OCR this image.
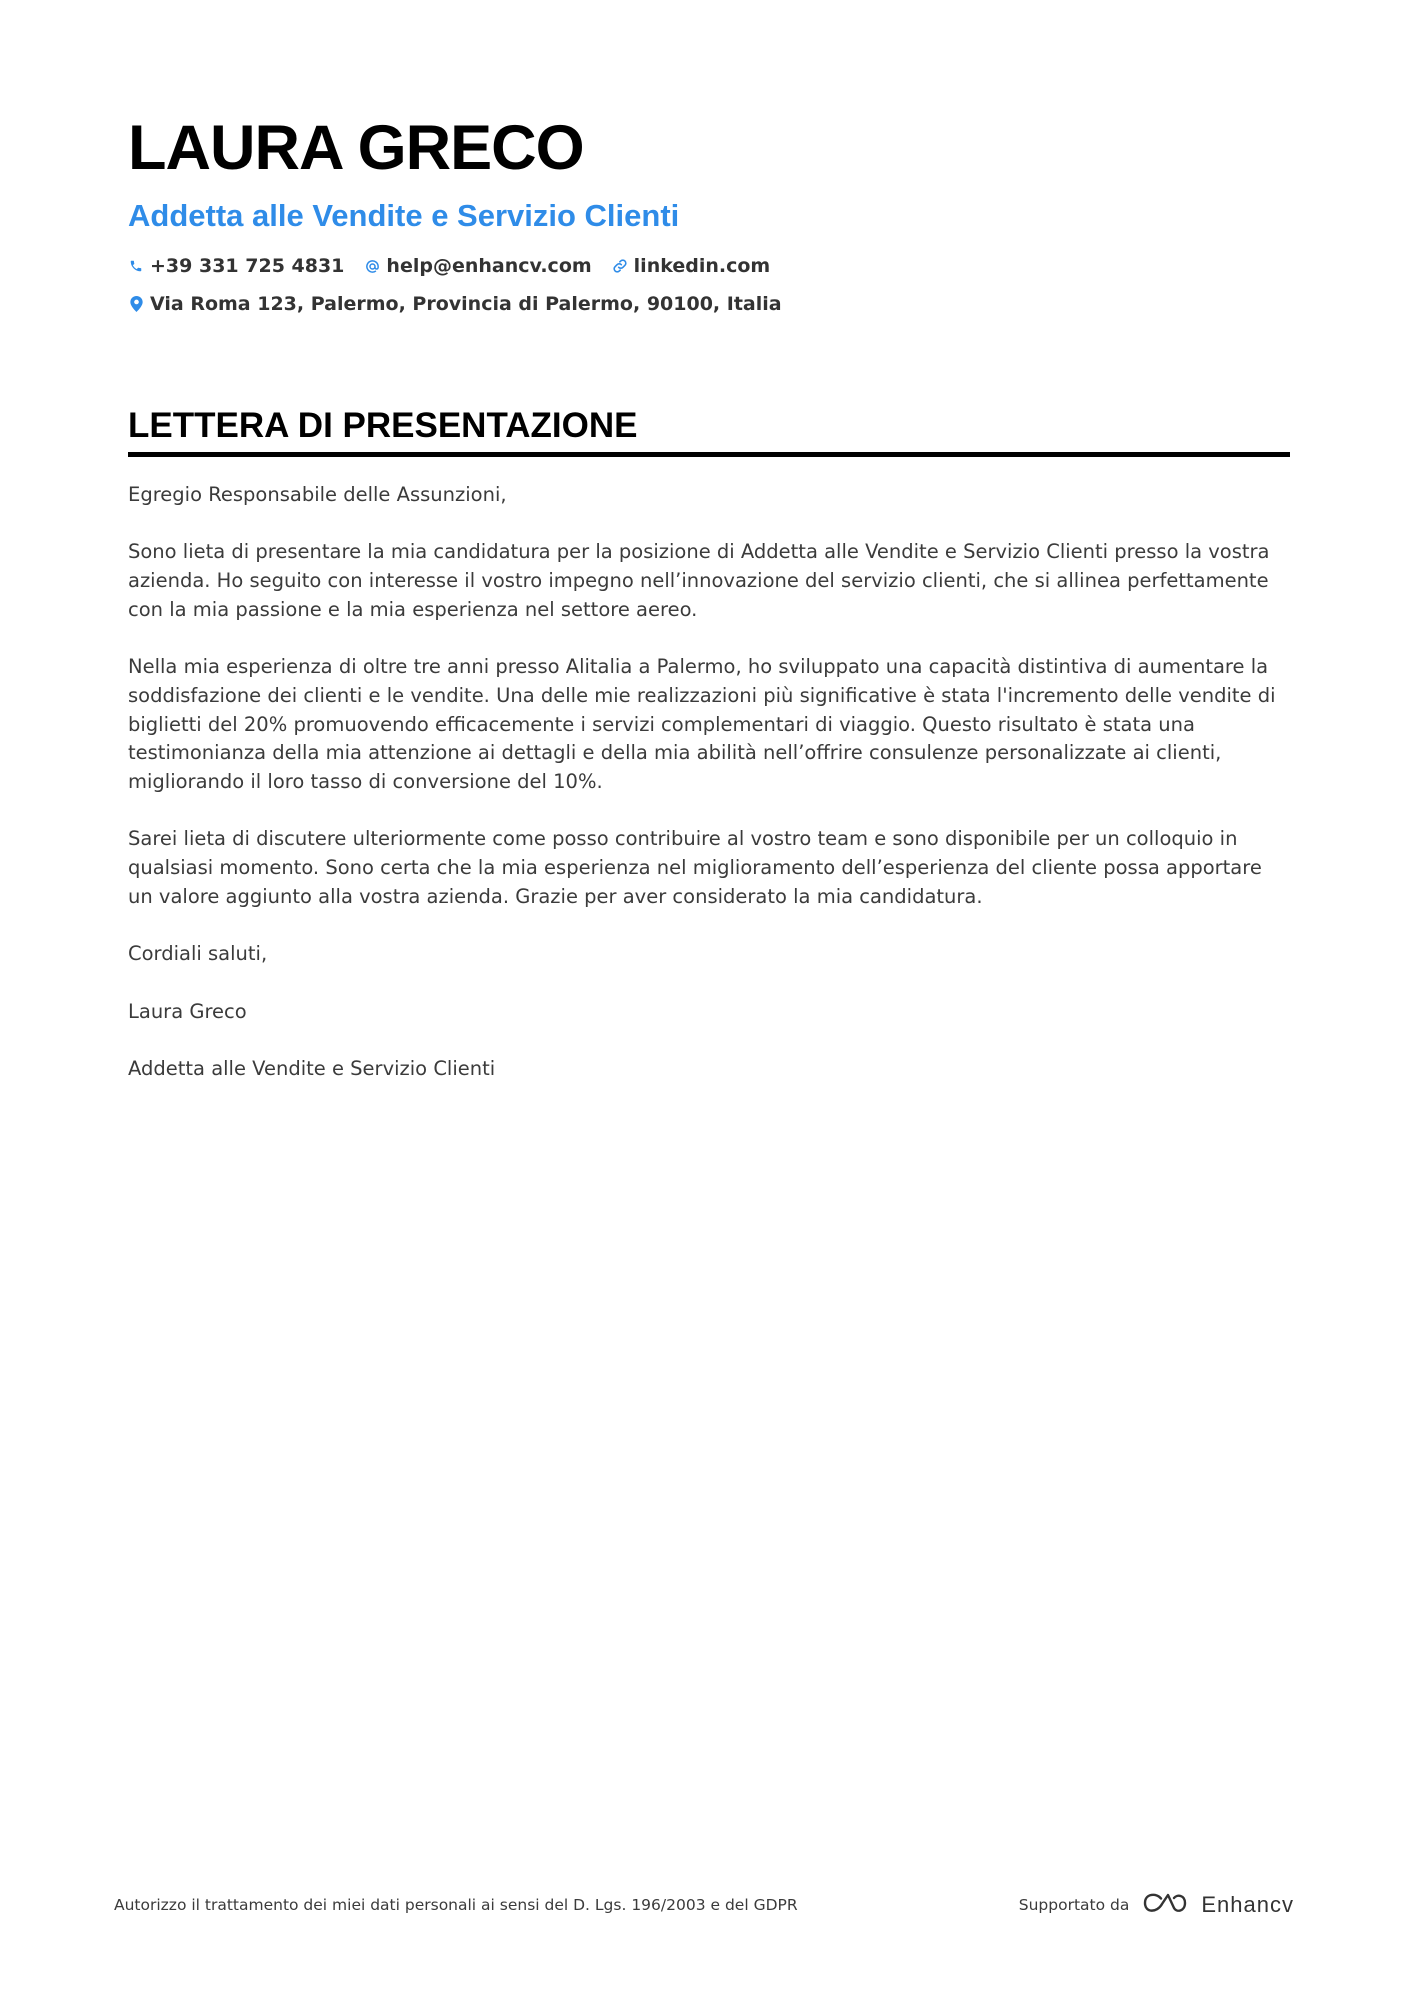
LAURA GRECO
Addetta alle Vendite e Servizio Clienti
+39 331 725 4831 help@enhancv.com linkedin.com
Via Roma 123, Palermo, Provincia di Palermo, 90100, Italia
LETTERA DI PRESENTAZIONE

Egregio Responsabile delle Assunzioni,

Sono lieta di presentare la mia candidatura per la posizione di Addetta alle Vendite e Servizio Clienti presso la vostra azienda. Ho seguito con interesse il vostro impegno nell’innovazione del servizio clienti, che si allinea perfettamente con la mia passione e la mia esperienza nel settore aereo.

Nella mia esperienza di oltre tre anni presso Alitalia a Palermo, ho sviluppato una capacità distintiva di aumentare la soddisfazione dei clienti e le vendite. Una delle mie realizzazioni più significative è stata l'incremento delle vendite di biglietti del 20% promuovendo efficacemente i servizi complementari di viaggio. Questo risultato è stata una testimonianza della mia attenzione ai dettagli e della mia abilità nell’offrire consulenze personalizzate ai clienti, migliorando il loro tasso di conversione del 10%.

Sarei lieta di discutere ulteriormente come posso contribuire al vostro team e sono disponibile per un colloquio in qualsiasi momento. Sono certa che la mia esperienza nel miglioramento dell’esperienza del cliente possa apportare un valore aggiunto alla vostra azienda. Grazie per aver considerato la mia candidatura.

Cordiali saluti,

Laura Greco

Addetta alle Vendite e Servizio Clienti

Autorizzo il trattamento dei miei dati personali ai sensi del D. Lgs. 196/2003 e del GDPR	Supportato da	Enhancv
